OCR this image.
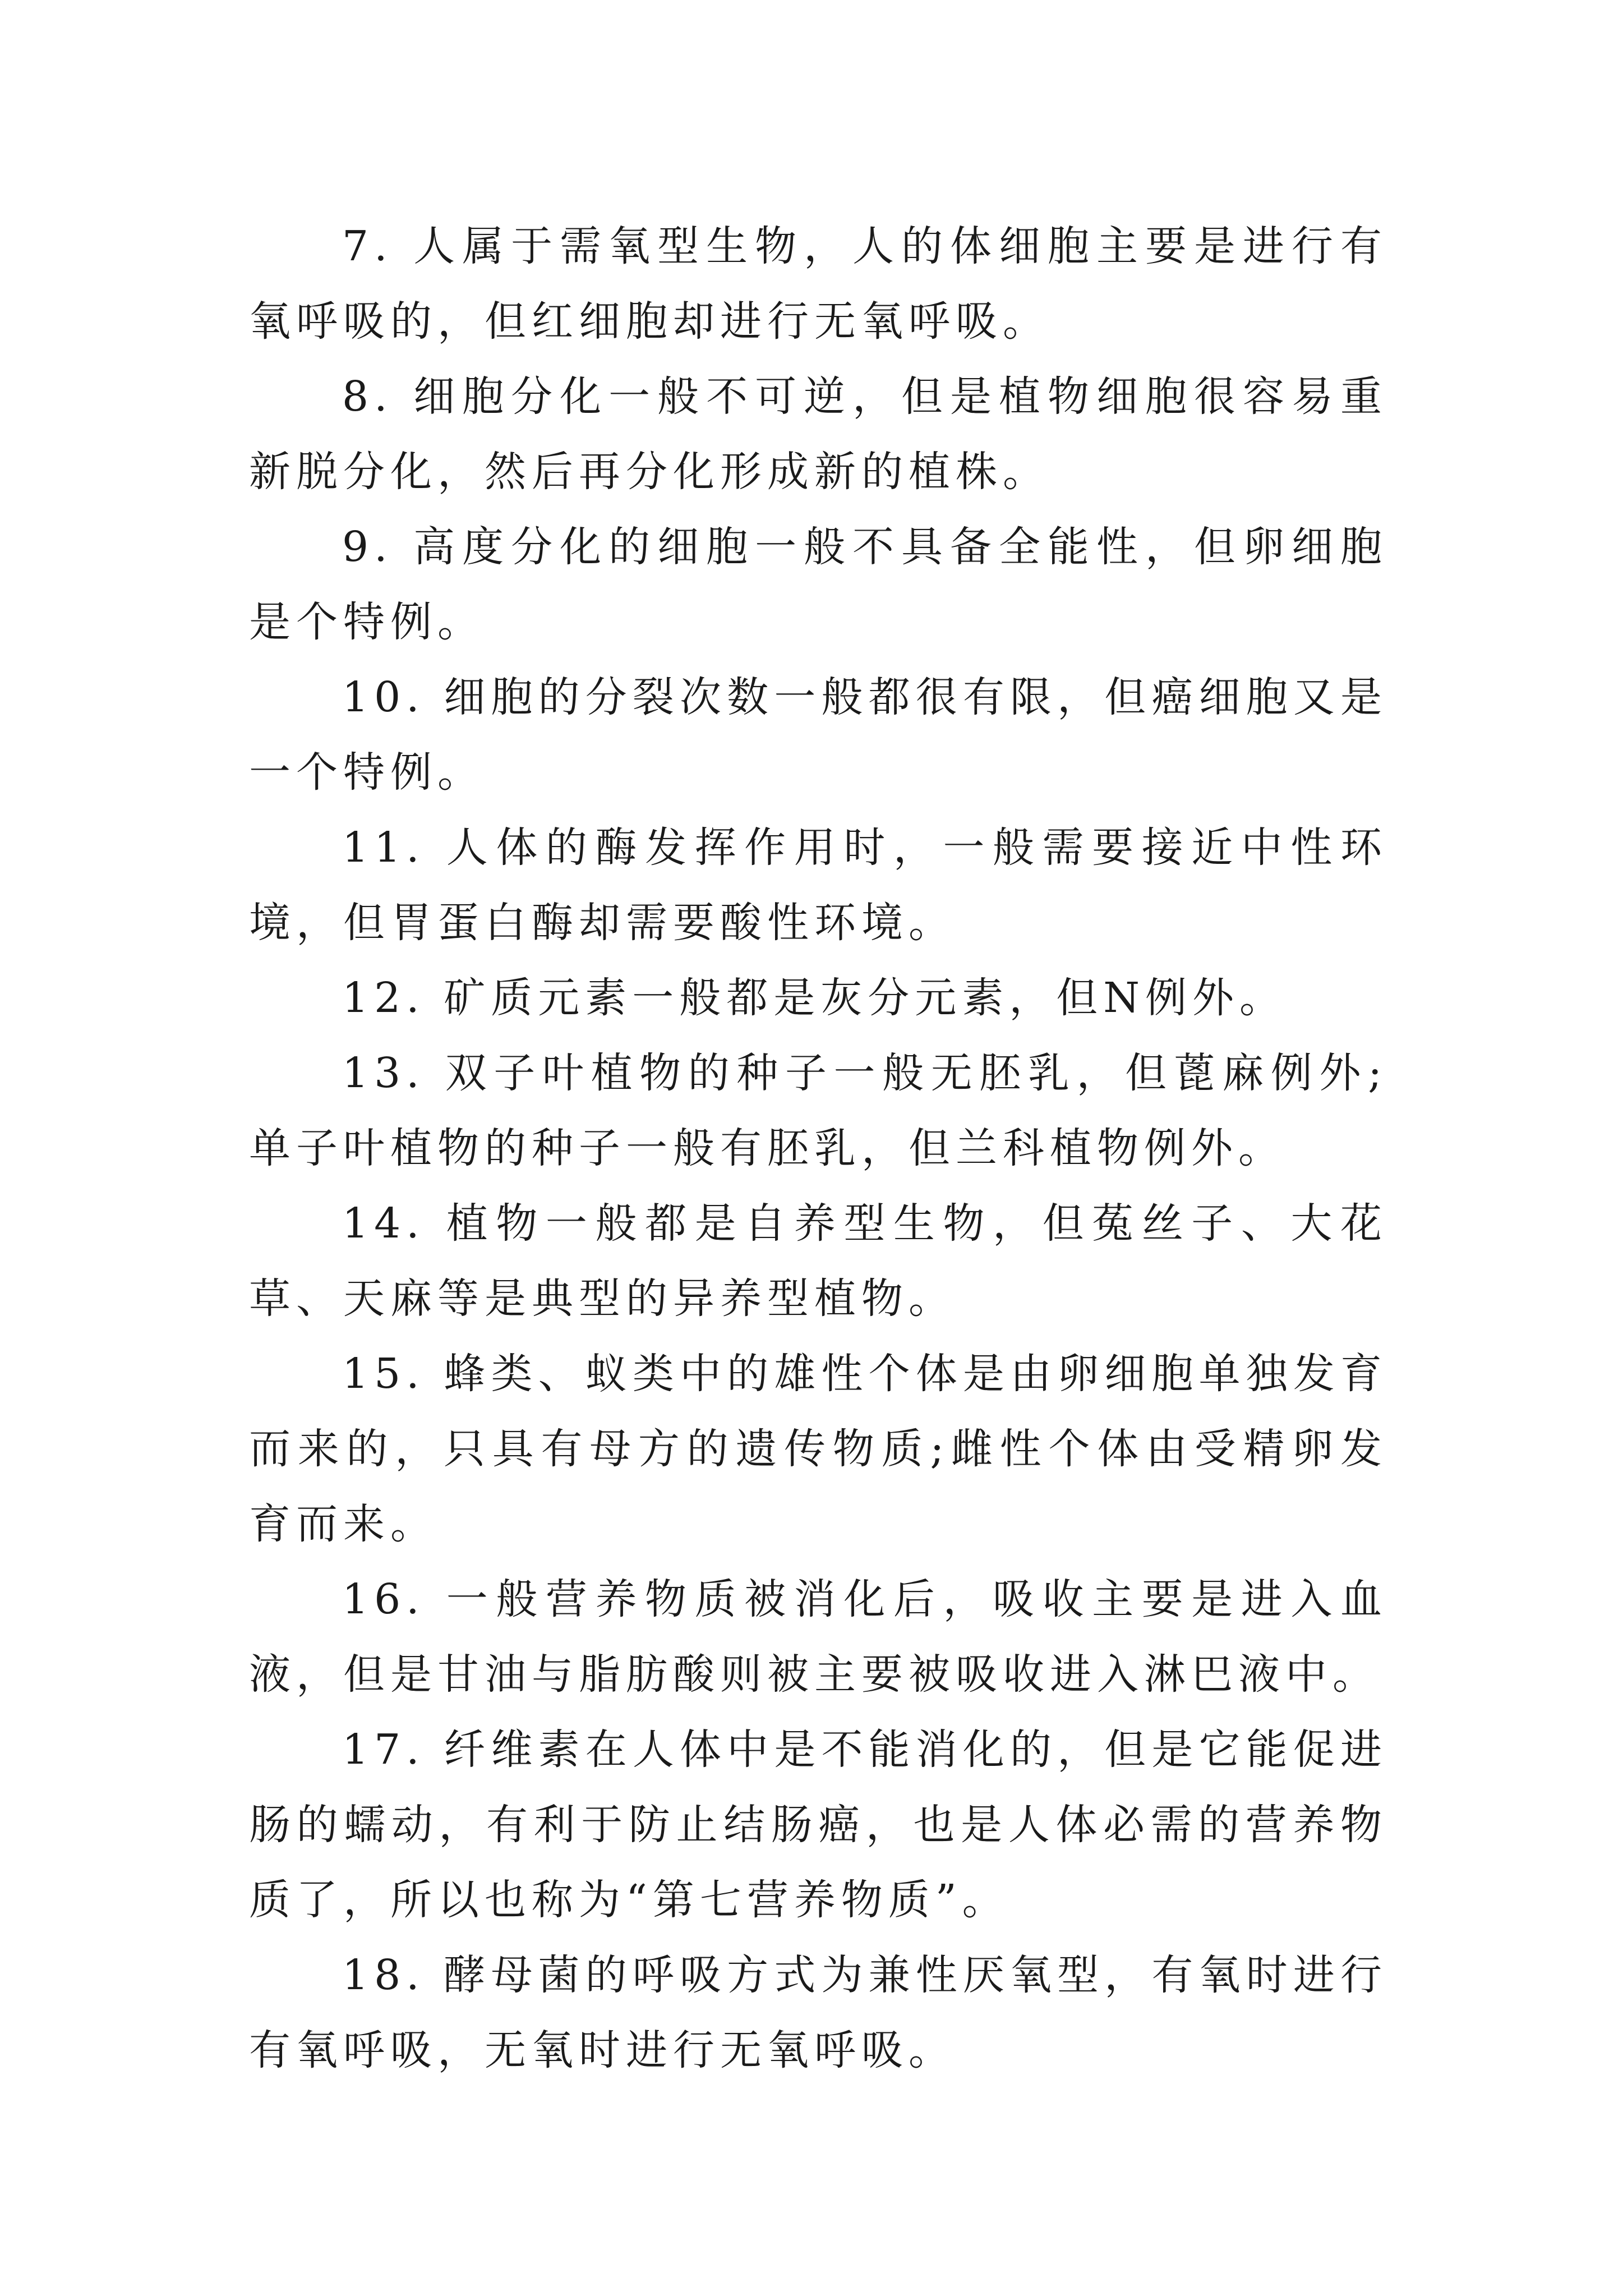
7. 人属于需氧型生物，人的体细胞主要是进行有氧呼吸的，但红细胞却进行无氧呼吸。

8. 细胞分化一般不可逆，但是植物细胞很容易重新脱分化，然后再分化形成新的植株。

9. 高度分化的细胞一般不具备全能性，但卵细胞是个特例。

10. 细胞的分裂次数一般都很有限，但癌细胞又是一个特例。

11. 人体的酶发挥作用时，一般需要接近中性环境，但胃蛋白酶却需要酸性环境。

12. 矿质元素一般都是灰分元素，但N例外。

13. 双子叶植物的种子一般无胚乳，但蓖麻例外;单子叶植物的种子一般有胚乳，但兰科植物例外。

14. 植物一般都是自养型生物，但菟丝子、大花草、天麻等是典型的异养型植物。

15. 蜂类、蚁类中的雄性个体是由卵细胞单独发育而来的，只具有母方的遗传物质;雌性个体由受精卵发育而来。

16. 一般营养物质被消化后，吸收主要是进入血液，但是甘油与脂肪酸则被主要被吸收进入淋巴液中。

17. 纤维素在人体中是不能消化的，但是它能促进肠的蠕动，有利于防止结肠癌，也是人体必需的营养物质了，所以也称为“第七营养物质”。

18. 酵母菌的呼吸方式为兼性厌氧型，有氧时进行有氧呼吸，无氧时进行无氧呼吸。
